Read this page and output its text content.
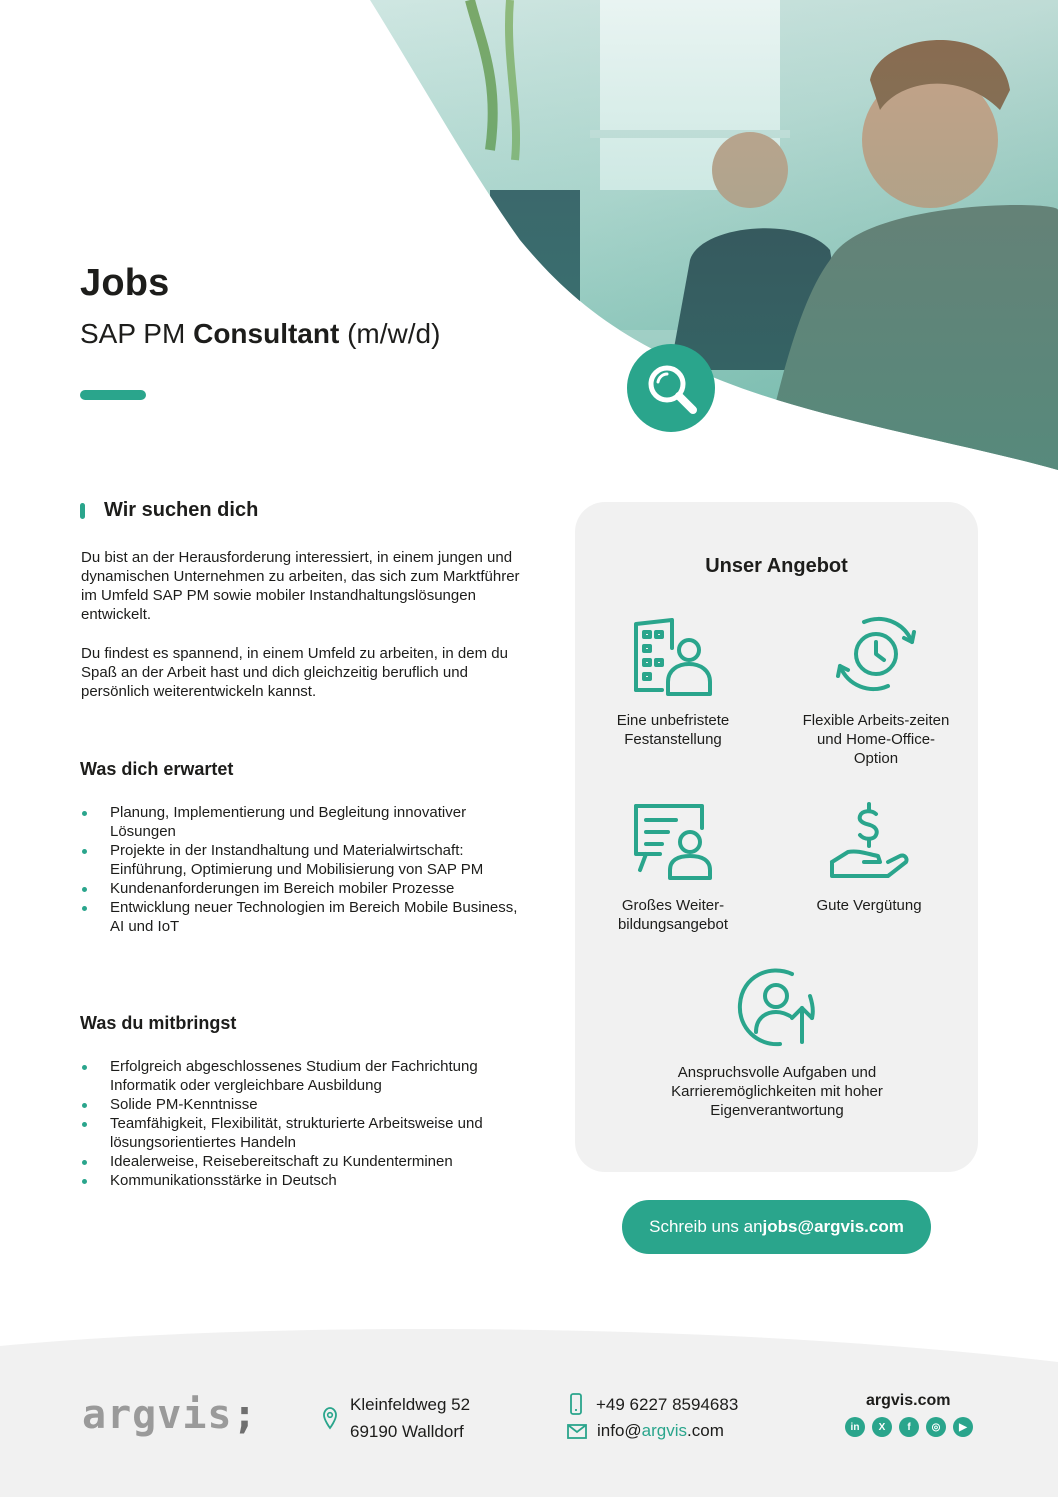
Jobs
SAP PM Consultant (m/w/d)
Wir suchen dich
Du bist an der Herausforderung interessiert, in einem jungen und dynamischen Unternehmen zu arbeiten, das sich zum Marktführer im Umfeld SAP PM sowie mobiler Instandhaltungslösungen entwickelt.
Du findest es spannend, in einem Umfeld zu arbeiten, in dem du Spaß an der Arbeit hast und dich gleichzeitig beruflich und persönlich weiterentwickeln kannst.
Was dich erwartet
Planung, Implementierung und Begleitung innovativer Lösungen
Projekte in der Instandhaltung und Materialwirtschaft: Einführung, Optimierung und Mobilisierung von SAP PM
Kundenanforderungen im Bereich mobiler Prozesse
Entwicklung neuer Technologien im Bereich Mobile Business, AI und IoT
Was du mitbringst
Erfolgreich abgeschlossenes Studium der Fachrichtung Informatik oder vergleichbare Ausbildung
Solide PM-Kenntnisse
Teamfähigkeit, Flexibilität, strukturierte Arbeitsweise und lösungsorientiertes Handeln
Idealerweise, Reisebereitschaft zu Kundenterminen
Kommunikationsstärke in Deutsch
Unser Angebot
Eine unbefristete Festanstellung
Flexible Arbeits-zeiten und Home-Office-Option
Großes Weiter-bildungsangebot
Gute Vergütung
Anspruchsvolle Aufgaben und Karrieremöglichkeiten mit hoher Eigenverantwortung
Schreib uns an jobs@argvis.com
argvis;	Kleinfeldweg 52
69190 Walldorf
+49 6227 8594683
info@argvis.com
argvis.com
in	X	f	◎	▶
